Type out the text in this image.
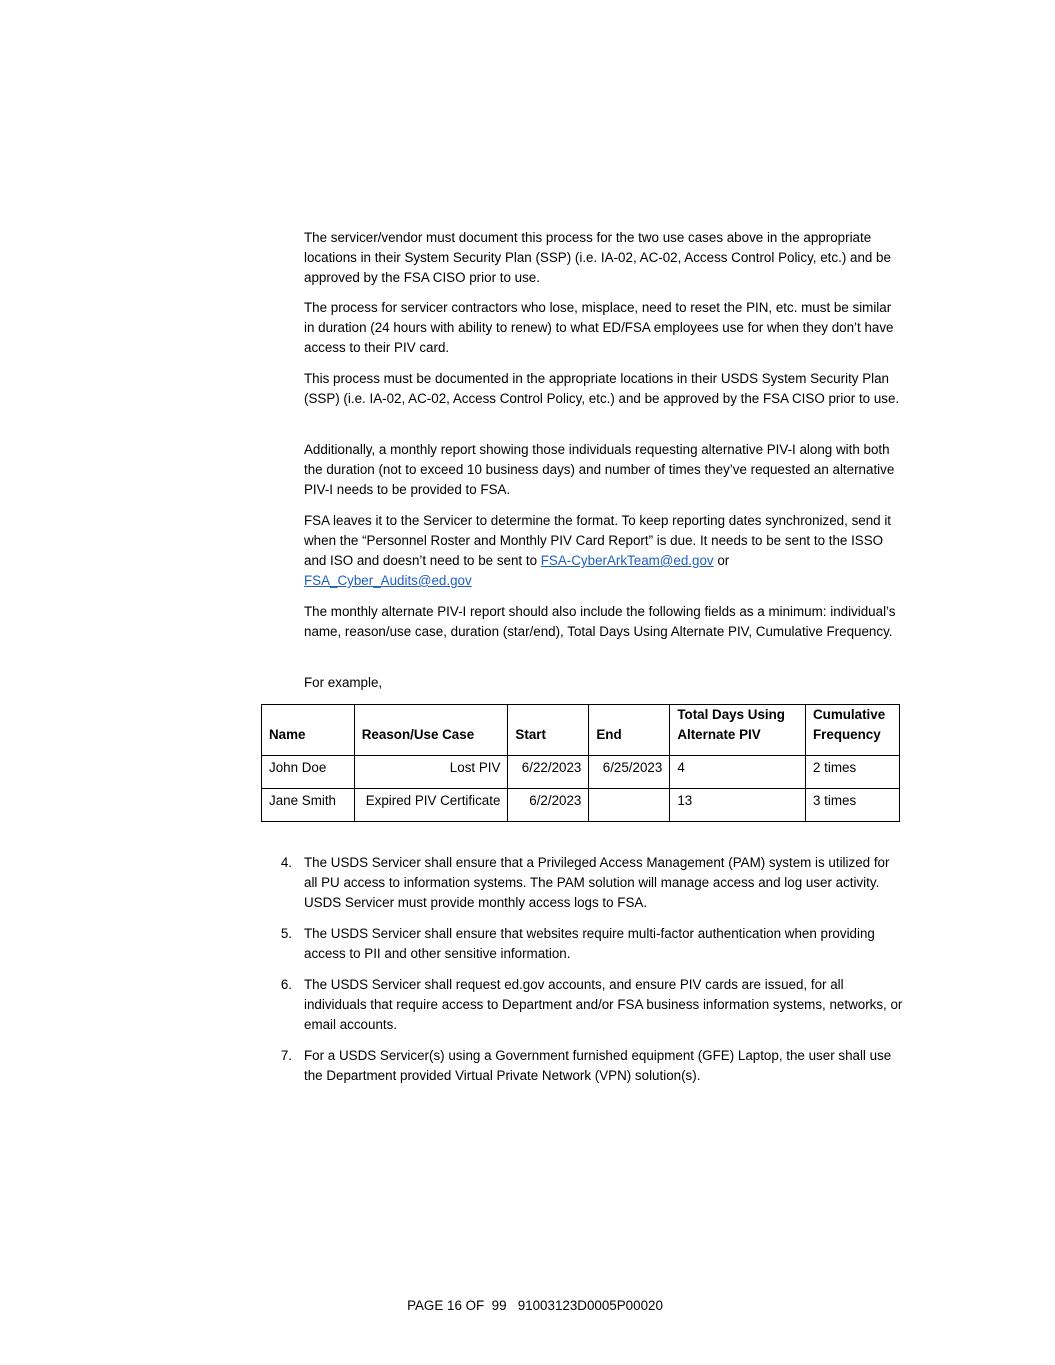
The servicer/vendor must document this process for the two use cases above in the appropriate locations in their System Security Plan (SSP) (i.e. IA-02, AC-02, Access Control Policy, etc.) and be approved by the FSA CISO prior to use.

The process for servicer contractors who lose, misplace, need to reset the PIN, etc. must be similar in duration (24 hours with ability to renew) to what ED/FSA employees use for when they don’t have access to their PIV card.

This process must be documented in the appropriate locations in their USDS System Security Plan (SSP) (i.e. IA-02, AC-02, Access Control Policy, etc.) and be approved by the FSA CISO prior to use.

Additionally, a monthly report showing those individuals requesting alternative PIV-I along with both the duration (not to exceed 10 business days) and number of times they’ve requested an alternative PIV-I needs to be provided to FSA.

FSA leaves it to the Servicer to determine the format. To keep reporting dates synchronized, send it when the “Personnel Roster and Monthly PIV Card Report” is due. It needs to be sent to the ISSO and ISO and doesn’t need to be sent to FSA-CyberArkTeam@ed.gov or
FSA_Cyber_Audits@ed.gov

The monthly alternate PIV-I report should also include the following fields as a minimum: individual’s name, reason/use case, duration (star/end), Total Days Using Alternate PIV, Cumulative Frequency.

For example,

Name	Reason/Use Case	Start	End	Total Days Using Alternate PIV	Cumulative Frequency
John Doe	Lost PIV	6/22/2023	6/25/2023	4	2 times
Jane Smith	Expired PIV Certificate	6/2/2023		13	3 times
4. The USDS Servicer shall ensure that a Privileged Access Management (PAM) system is utilized for all PU access to information systems. The PAM solution will manage access and log user activity. USDS Servicer must provide monthly access logs to FSA.
5. The USDS Servicer shall ensure that websites require multi-factor authentication when providing access to PII and other sensitive information.
6. The USDS Servicer shall request ed.gov accounts, and ensure PIV cards are issued, for all individuals that require access to Department and/or FSA business information systems, networks, or email accounts.
7. For a USDS Servicer(s) using a Government furnished equipment (GFE) Laptop, the user shall use the Department provided Virtual Private Network (VPN) solution(s).
PAGE 16 OF  99   91003123D0005P00020
